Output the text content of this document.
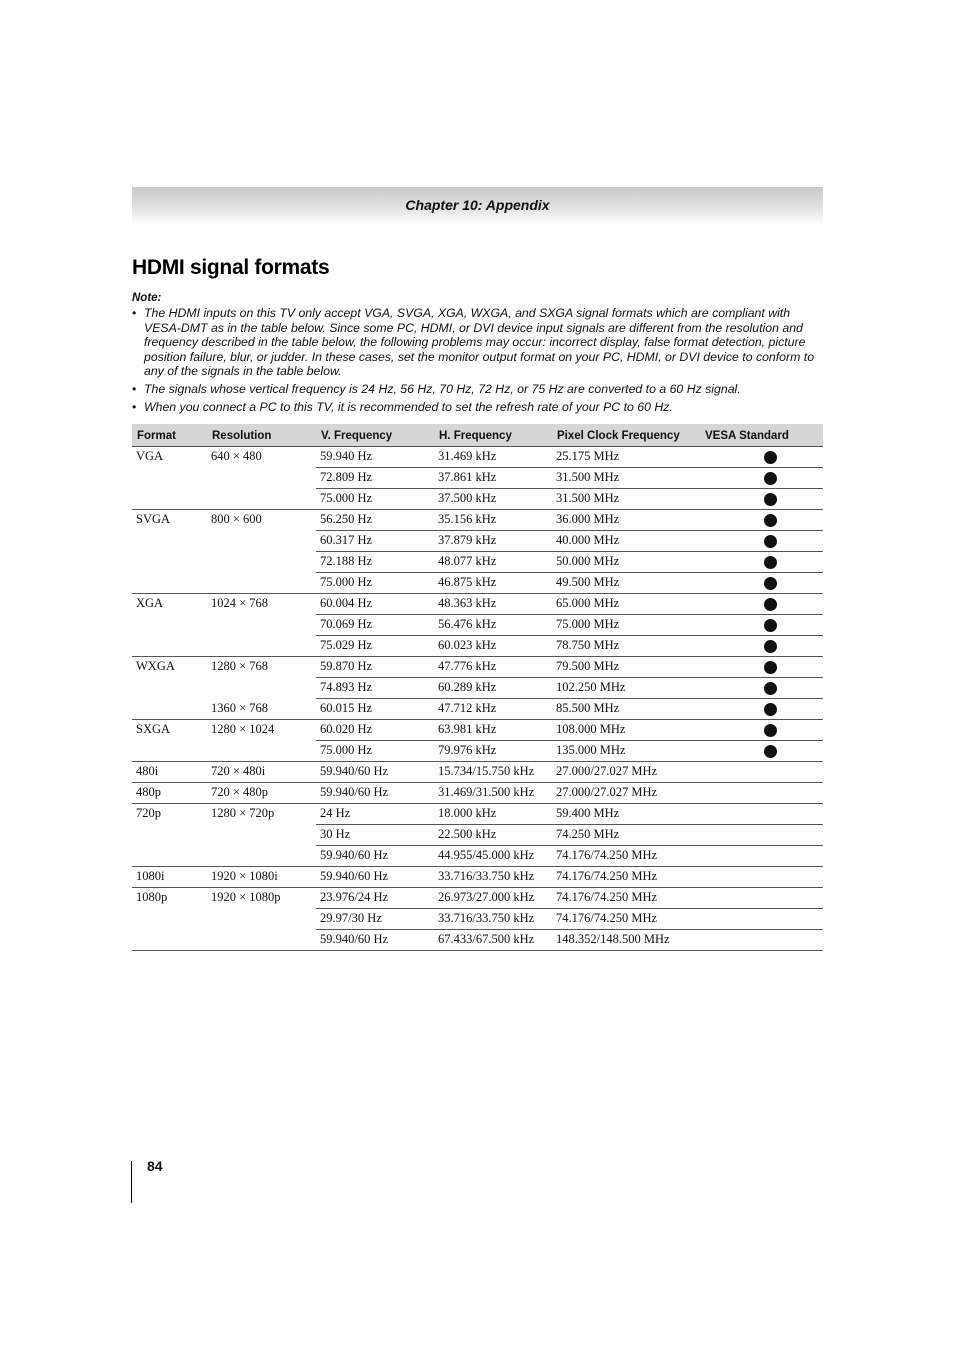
Chapter 10: Appendix
HDMI signal formats
Note:
• The HDMI inputs on this TV only accept VGA, SVGA, XGA, WXGA, and SXGA signal formats which are compliant with VESA-DMT as in the table below. Since some PC, HDMI, or DVI device input signals are different from the resolution and frequency described in the table below, the following problems may occur: incorrect display, false format detection, picture position failure, blur, or judder. In these cases, set the monitor output format on your PC, HDMI, or DVI device to conform to any of the signals in the table below.
• The signals whose vertical frequency is 24 Hz, 56 Hz, 70 Hz, 72 Hz, or 75 Hz are converted to a 60 Hz signal.
• When you connect a PC to this TV, it is recommended to set the refresh rate of your PC to 60 Hz.
Format	Resolution	V. Frequency	H. Frequency	Pixel Clock Frequency	VESA Standard
VGA	640 × 480	59.940 Hz	31.469 kHz	25.175 MHz	
		72.809 Hz	37.861 kHz	31.500 MHz	
		75.000 Hz	37.500 kHz	31.500 MHz	
SVGA	800 × 600	56.250 Hz	35.156 kHz	36.000 MHz	
		60.317 Hz	37.879 kHz	40.000 MHz	
		72.188 Hz	48.077 kHz	50.000 MHz	
		75.000 Hz	46.875 kHz	49.500 MHz	
XGA	1024 × 768	60.004 Hz	48.363 kHz	65.000 MHz	
		70.069 Hz	56.476 kHz	75.000 MHz	
		75.029 Hz	60.023 kHz	78.750 MHz	
WXGA	1280 × 768	59.870 Hz	47.776 kHz	79.500 MHz	
		74.893 Hz	60.289 kHz	102.250 MHz	
	1360 × 768	60.015 Hz	47.712 kHz	85.500 MHz	
SXGA	1280 × 1024	60.020 Hz	63.981 kHz	108.000 MHz	
		75.000 Hz	79.976 kHz	135.000 MHz	
480i	720 × 480i	59.940/60 Hz	15.734/15.750 kHz	27.000/27.027 MHz	
480p	720 × 480p	59.940/60 Hz	31.469/31.500 kHz	27.000/27.027 MHz	
720p	1280 × 720p	24 Hz	18.000 kHz	59.400 MHz	
		30 Hz	22.500 kHz	74.250 MHz	
		59.940/60 Hz	44.955/45.000 kHz	74.176/74.250 MHz	
1080i	1920 × 1080i	59.940/60 Hz	33.716/33.750 kHz	74.176/74.250 MHz	
1080p	1920 × 1080p	23.976/24 Hz	26.973/27.000 kHz	74.176/74.250 MHz	
		29.97/30 Hz	33.716/33.750 kHz	74.176/74.250 MHz	
		59.940/60 Hz	67.433/67.500 kHz	148.352/148.500 MHz	
84
